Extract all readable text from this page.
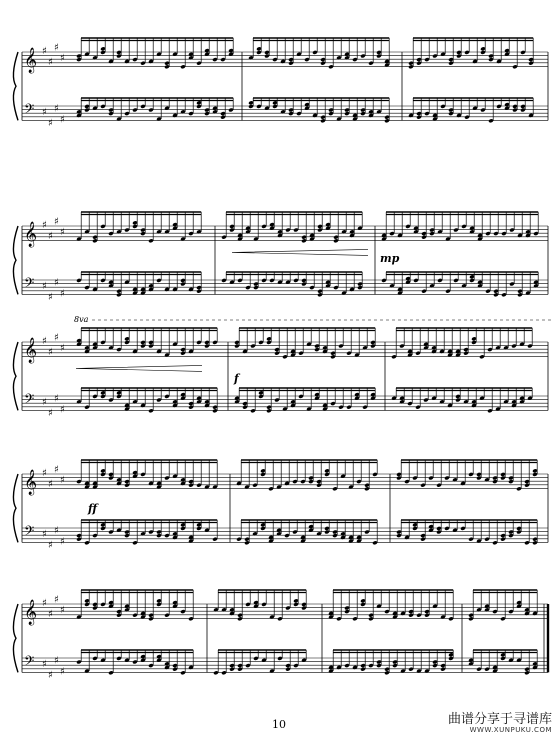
𝄞 ♯
♯
♯
♯
𝄢 ♯
♯
♯
♯
𝄞 ♯
♯
♯
♯
𝄢 ♯
♯
♯
♯
mp
𝄞 ♯
♯
♯
♯
𝄢 ♯
♯
♯
♯
f
8va
𝄞 ♯
♯
♯
♯
𝄢 ♯
♯
♯
♯
ff
𝄞 ♯
♯
♯
♯
𝄢 ♯
♯
♯
♯
10	曲谱分享于寻谱库
WWW.XUNPUKU.COM
